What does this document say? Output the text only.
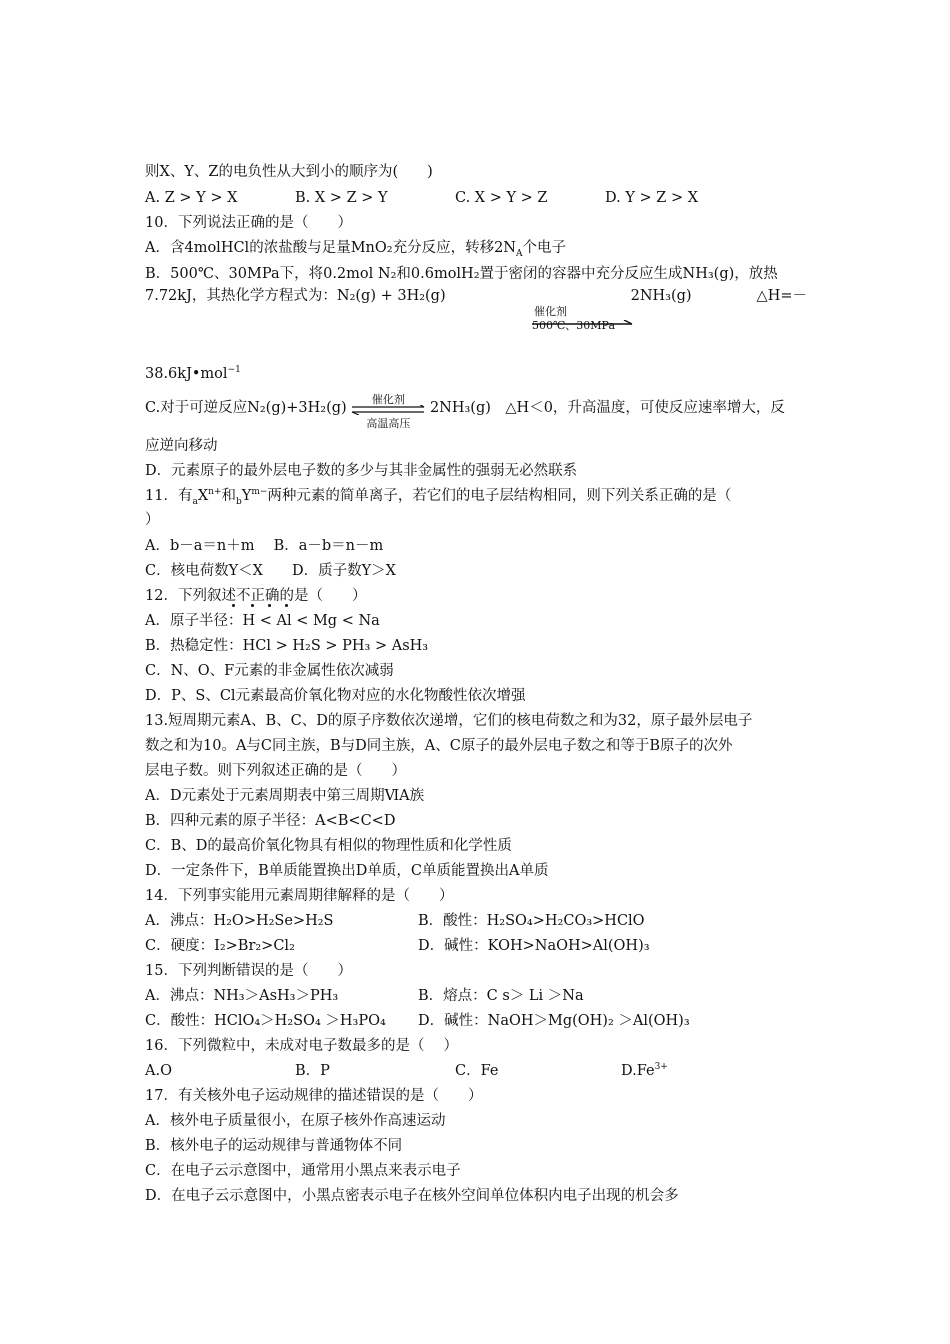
则X、Y、Z的电负性从大到小的顺序为(　　)
A. Z > Y > X	B. X > Z > Y	C. X > Y > Z	D. Y > Z > X
10．下列说法正确的是（　　）
A．含4molHCl的浓盐酸与足量MnO₂充分反应，转移$2N_A$个电子
B．500℃、30MPa下，将0.2mol N₂和0.6molH₂置于密闭的容器中充分反应生成NH₃(g)，放热
7.72kJ，其热化学方程式为：N₂(g) + 3H₂(g)	2NH₃(g)	△H=－
催化剂
500℃、30MPa
38.6kJ•mol$^{-1}$
C.对于可逆反应N₂(g)+3H₂(g)
催化剂
高温高压
2NH₃(g)　△H＜0，升高温度，可使反应速率增大，反
应逆向移动
D．元素原子的最外层电子数的多少与其非金属性的强弱无必然联系
11．有$_aX^{n+}$和$_bY^{m-}$两种元素的简单离子，若它们的电子层结构相同，则下列关系正确的是（
）
A．b－a＝n＋m　 B．a－b＝n－m
C．核电荷数Y＜X　　D．质子数Y＞X
12．下列叙述不正确的是（　　）
A．原子半径：H < Al < Mg < Na
B．热稳定性：HCl > H₂S > PH₃ > AsH₃
C．N、O、F元素的非金属性依次减弱
D．P、S、Cl元素最高价氧化物对应的水化物酸性依次增强
13.短周期元素A、B、C、D的原子序数依次递增，它们的核电荷数之和为32，原子最外层电子
数之和为10。A与C同主族，B与D同主族，A、C原子的最外层电子数之和等于B原子的次外
层电子数。则下列叙述正确的是（　　）
A．D元素处于元素周期表中第三周期ⅥA族
B．四种元素的原子半径：A<B<C<D
C．B、D的最高价氧化物具有相似的物理性质和化学性质
D．一定条件下，B单质能置换出D单质，C单质能置换出A单质
14．下列事实能用元素周期律解释的是（　　）
A．沸点：H₂O>H₂Se>H₂S	B．酸性：H₂SO₄>H₂CO₃>HClO
C．硬度：I₂>Br₂>Cl₂	D．碱性：KOH>NaOH>Al(OH)₃
15．下列判断错误的是（　　）
A．沸点：NH₃＞AsH₃＞PH₃	B．熔点：C s＞ Li ＞Na
C．酸性：HClO₄＞H₂SO₄ ＞H₃PO₄ D．碱性：NaOH＞Mg(OH)₂ ＞Al(OH)₃
16．下列微粒中，未成对电子数最多的是（　 ）
A.O	B．P	C．Fe	$D.Fe^{3+}$
17．有关核外电子运动规律的描述错误的是（　　）
A．核外电子质量很小，在原子核外作高速运动
B．核外电子的运动规律与普通物体不同
C．在电子云示意图中，通常用小黑点来表示电子
D．在电子云示意图中，小黑点密表示电子在核外空间单位体积内电子出现的机会多
